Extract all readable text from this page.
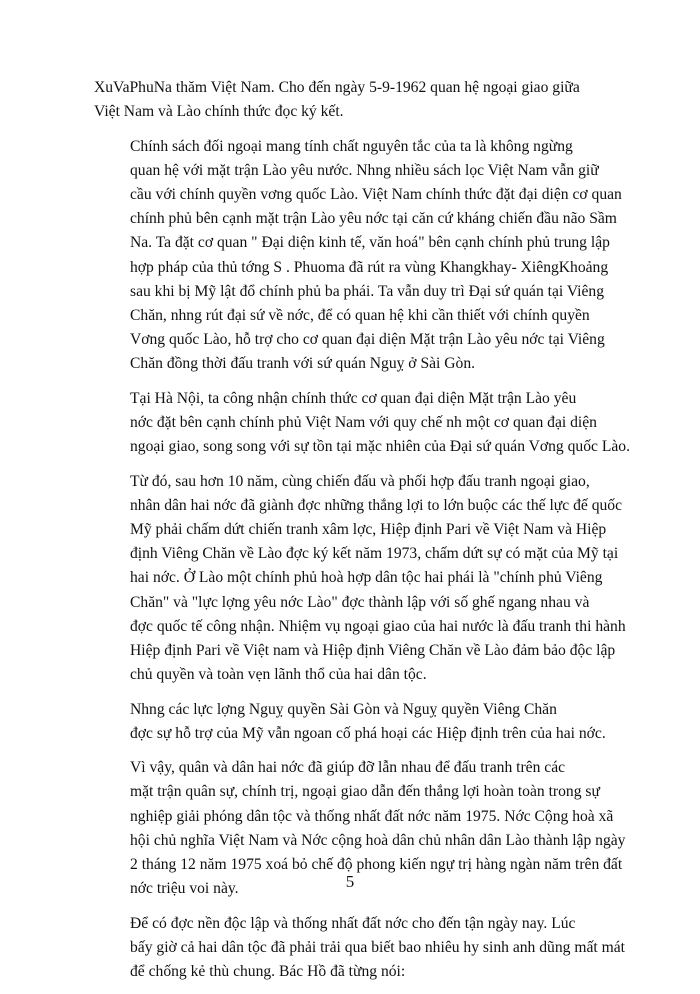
XuVaPhuNa thăm Việt Nam. Cho đến ngày 5-9-1962 quan hệ ngoại giao giữa
Việt Nam và Lào chính thức đọc ký kết.

Chính sách đối ngoại mang tính chất nguyên tắc của ta là không ngừng
quan hệ với mặt trận Lào yêu nước. Nhng nhiều sách lọc Việt Nam vẫn giữ
cầu với chính quyền vơng quốc Lào. Việt Nam chính thức đặt đại diện cơ quan
chính phủ bên cạnh mặt trận Lào yêu nớc tại căn cứ kháng chiến đầu não Sầm
Na. Ta đặt cơ quan " Đại diện kinh tế, văn hoá" bên cạnh chính phủ trung lập
hợp pháp của thủ tớng S . Phuoma đã rút ra vùng Khangkhay- XiêngKhoảng
sau khi bị Mỹ lật đổ chính phủ ba phái. Ta vẫn duy trì Đại sứ quán tại Viêng
Chăn, nhng rút đại sứ về nớc, để có quan hệ khi cần thiết với chính quyền
Vơng quốc Lào, hỗ trợ cho cơ quan đại diện Mặt trận Lào yêu nớc tại Viêng
Chăn đồng thời đấu tranh với sứ quán Nguỵ ở Sài Gòn.

Tại Hà Nội, ta công nhận chính thức cơ quan đại diện Mặt trận Lào yêu
nớc đặt bên cạnh chính phủ Việt Nam với quy chế nh một cơ quan đại diện
ngoại giao, song song với sự tồn tại mặc nhiên của Đại sứ quán Vơng quốc Lào.

Từ đó, sau hơn 10 năm, cùng chiến đấu và phối hợp đấu tranh ngoại giao,
nhân dân hai nớc đã giành đợc những thắng lợi to lớn buộc các thế lực đế quốc
Mỹ phải chấm dứt chiến tranh xâm lợc, Hiệp định Pari về Việt Nam và Hiệp
định Viêng Chăn về Lào đợc ký kết năm 1973, chấm dứt sự có mặt của Mỹ tại
hai nớc. Ở Lào một chính phủ hoà hợp dân tộc hai phái là "chính phủ Viêng
Chăn" và "lực lợng yêu nớc Lào" đợc thành lập với số ghế ngang nhau và
đợc quốc tế công nhận. Nhiệm vụ ngoại giao của hai nước là đấu tranh thi hành
Hiệp định Pari về Việt nam và Hiệp định Viêng Chăn về Lào đảm bảo độc lập
chủ quyền và toàn vẹn lãnh thổ của hai dân tộc.

Nhng các lực lợng Nguỵ quyền Sài Gòn và Nguỵ quyền Viêng Chăn
đợc sự hỗ trợ của Mỹ vẫn ngoan cố phá hoại các Hiệp định trên của hai nớc.

Vì vậy, quân và dân hai nớc đã giúp đỡ lẫn nhau để đấu tranh trên các
mặt trận quân sự, chính trị, ngoại giao dẫn đến thắng lợi hoàn toàn trong sự
nghiệp giải phóng dân tộc và thống nhất đất nớc năm 1975. Nớc Cộng hoà xã
hội chủ nghĩa Việt Nam và Nớc cộng hoà dân chủ nhân dân Lào thành lập ngày
2 tháng 12 năm 1975 xoá bỏ chế độ phong kiến ngự trị hàng ngàn năm trên đất
nớc triệu voi này.

Để có đợc nền độc lập và thống nhất đất nớc cho đến tận ngày nay. Lúc
bấy giờ cả hai dân tộc đã phải trải qua biết bao nhiêu hy sinh anh dũng mất mát
để chống kẻ thù chung. Bác Hồ đã từng nói:

5
